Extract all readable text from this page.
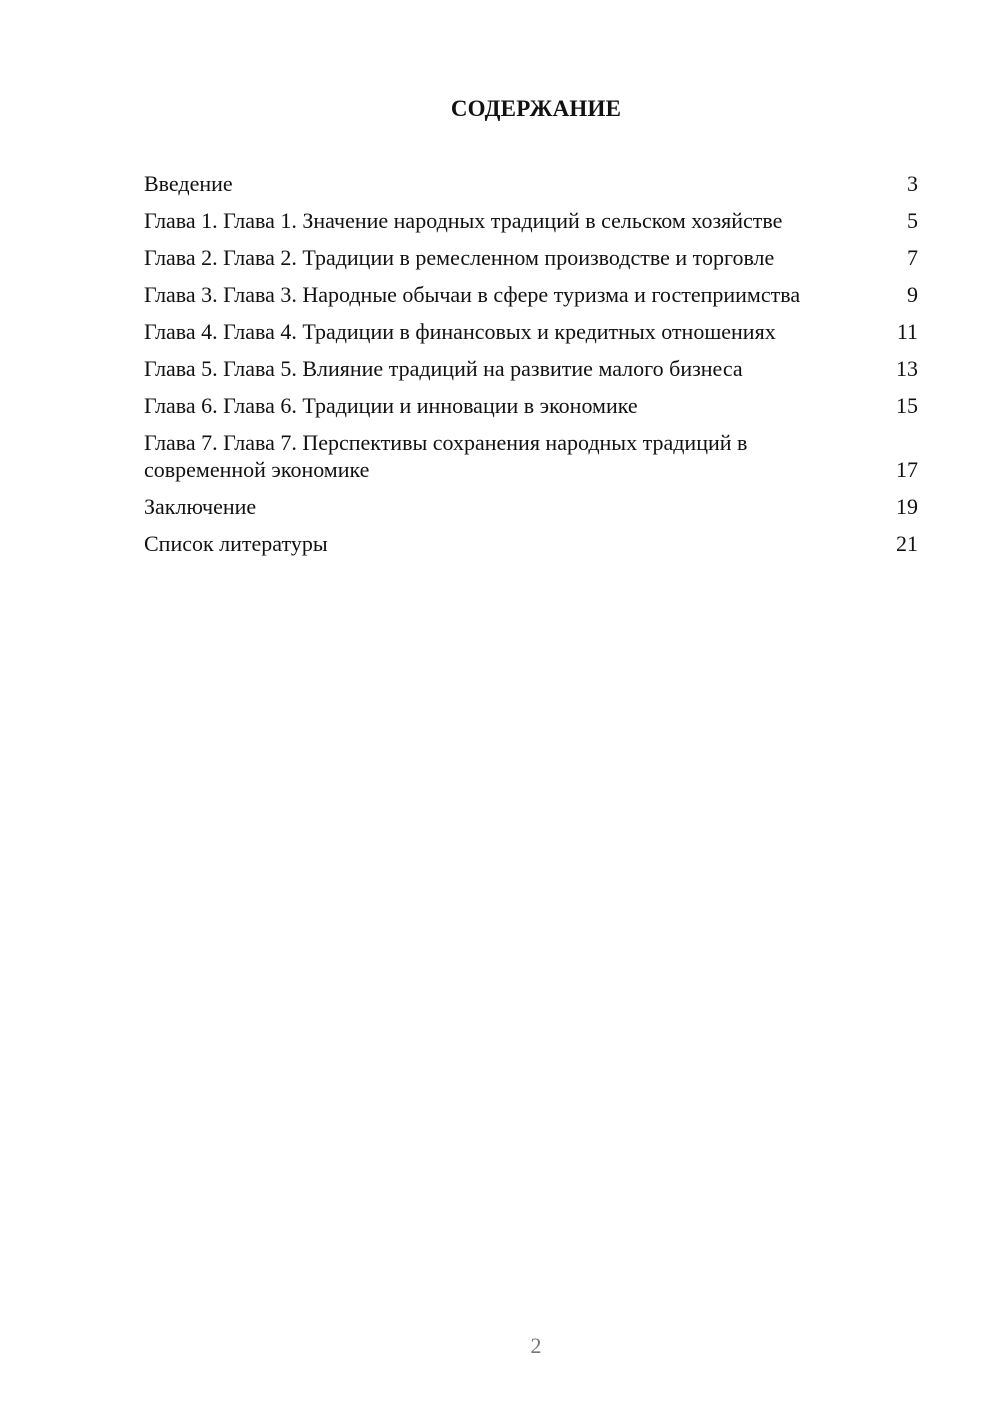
СОДЕРЖАНИЕ
Введение	3
Глава 1. Глава 1. Значение народных традиций в сельском хозяйстве	5
Глава 2. Глава 2. Традиции в ремесленном производстве и торговле	7
Глава 3. Глава 3. Народные обычаи в сфере туризма и гостеприимства	9
Глава 4. Глава 4. Традиции в финансовых и кредитных отношениях	11
Глава 5. Глава 5. Влияние традиций на развитие малого бизнеса	13
Глава 6. Глава 6. Традиции и инновации в экономике	15
Глава 7. Глава 7. Перспективы сохранения народных традиций в современной экономике	17
Заключение	19
Список литературы	21
2
